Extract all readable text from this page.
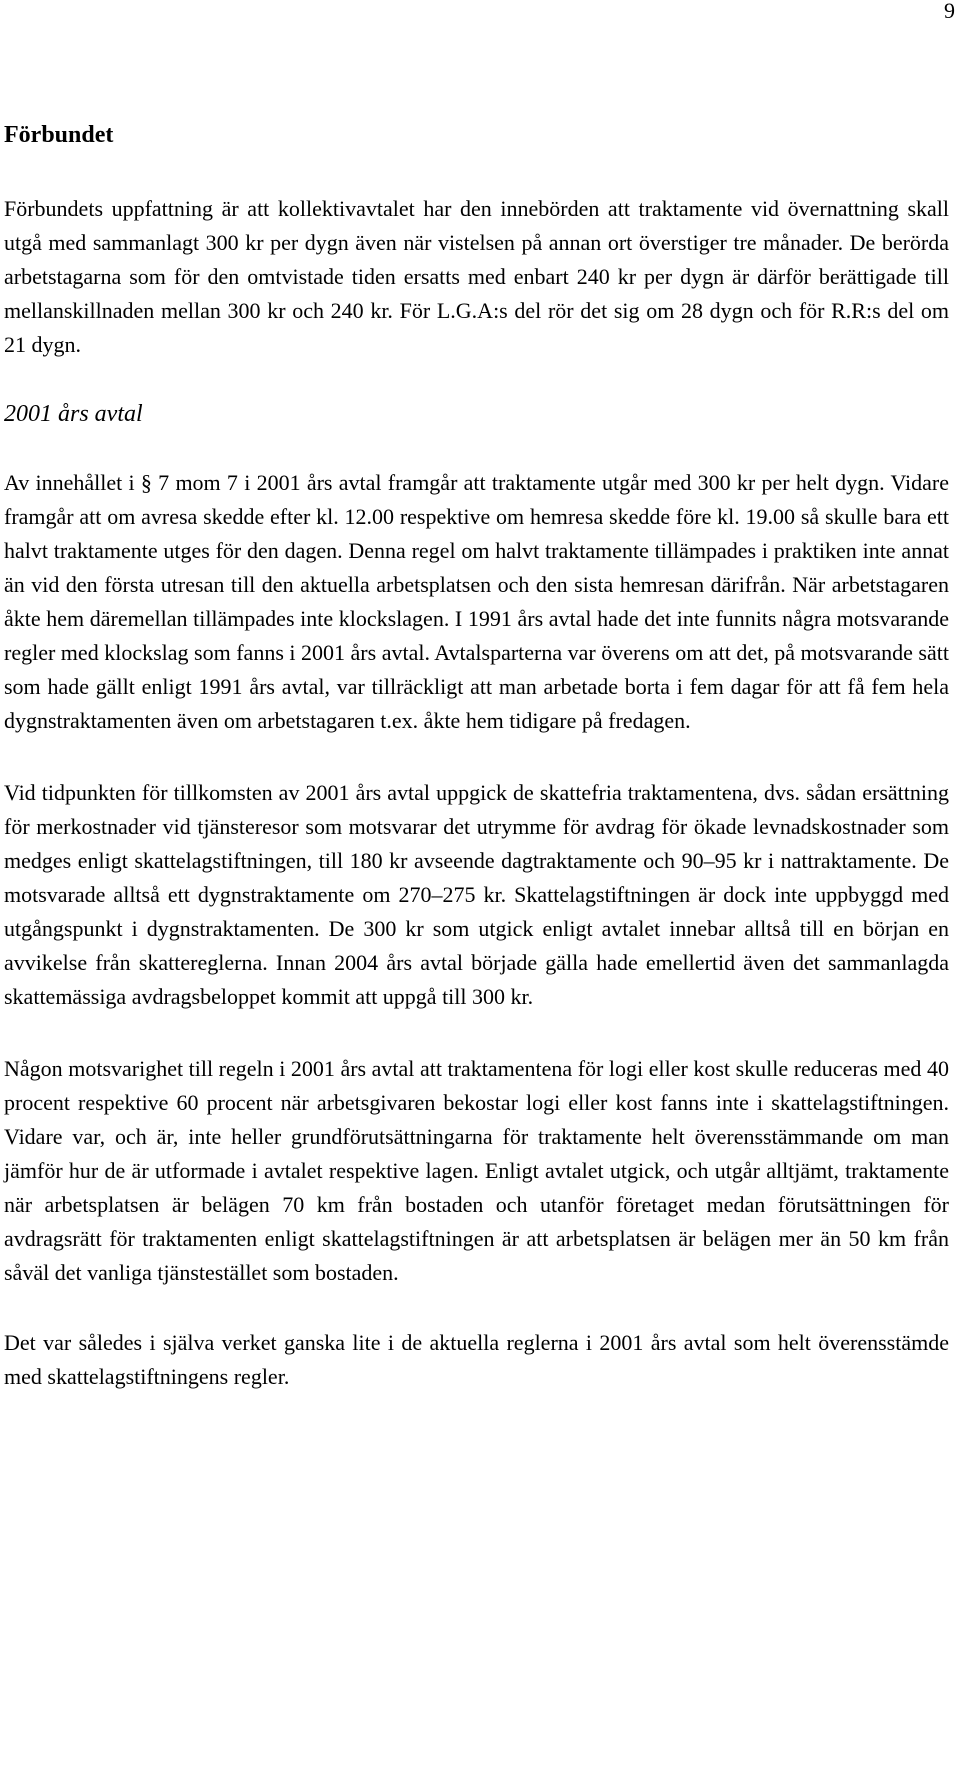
9
Förbundet

Förbundets uppfattning är att kollektivavtalet har den innebörden att traktamente vid övernattning skall utgå med sammanlagt 300 kr per dygn även när vistelsen på annan ort överstiger tre månader. De berörda arbetstagarna som för den omtvistade tiden ersatts med enbart 240 kr per dygn är därför berättigade till mellanskillnaden mellan 300 kr och 240 kr. För L.G.A:s del rör det sig om 28 dygn och för R.R:s del om 21 dygn.

2001 års avtal

Av innehållet i § 7 mom 7 i 2001 års avtal framgår att traktamente utgår med 300 kr per helt dygn. Vidare framgår att om avresa skedde efter kl. 12.00 respektive om hemresa skedde före kl. 19.00 så skulle bara ett halvt traktamente utges för den dagen. Denna regel om halvt traktamente tillämpades i praktiken inte annat än vid den första utresan till den aktuella arbetsplatsen och den sista hemresan därifrån. När arbetstagaren åkte hem däremellan tillämpades inte klockslagen. I 1991 års avtal hade det inte funnits några motsvarande regler med klockslag som fanns i 2001 års avtal. Avtalsparterna var överens om att det, på motsvarande sätt som hade gällt enligt 1991 års avtal, var tillräckligt att man arbetade borta i fem dagar för att få fem hela dygnstraktamenten även om arbetstagaren t.ex. åkte hem tidigare på fredagen.

Vid tidpunkten för tillkomsten av 2001 års avtal uppgick de skattefria traktamentena, dvs. sådan ersättning för merkostnader vid tjänsteresor som motsvarar det utrymme för avdrag för ökade levnadskostnader som medges enligt skattelagstiftningen, till 180 kr avseende dagtraktamente och 90–95 kr i nattraktamente. De motsvarade alltså ett dygnstraktamente om 270–275 kr. Skattelagstiftningen är dock inte uppbyggd med utgångspunkt i dygnstraktamenten. De 300 kr som utgick enligt avtalet innebar alltså till en början en avvikelse från skattereglerna. Innan 2004 års avtal började gälla hade emellertid även det sammanlagda skattemässiga avdragsbeloppet kommit att uppgå till 300 kr.

Någon motsvarighet till regeln i 2001 års avtal att traktamentena för logi eller kost skulle reduceras med 40 procent respektive 60 procent när arbetsgivaren bekostar logi eller kost fanns inte i skattelagstiftningen. Vidare var, och är, inte heller grundförutsättningarna för traktamente helt överensstämmande om man jämför hur de är utformade i avtalet respektive lagen. Enligt avtalet utgick, och utgår alltjämt, traktamente när arbetsplatsen är belägen 70 km från bostaden och utanför företaget medan förutsättningen för avdragsrätt för traktamenten enligt skattelagstiftningen är att arbetsplatsen är belägen mer än 50 km från såväl det vanliga tjänstestället som bostaden.

Det var således i själva verket ganska lite i de aktuella reglerna i 2001 års avtal som helt överensstämde med skattelagstiftningens regler.
